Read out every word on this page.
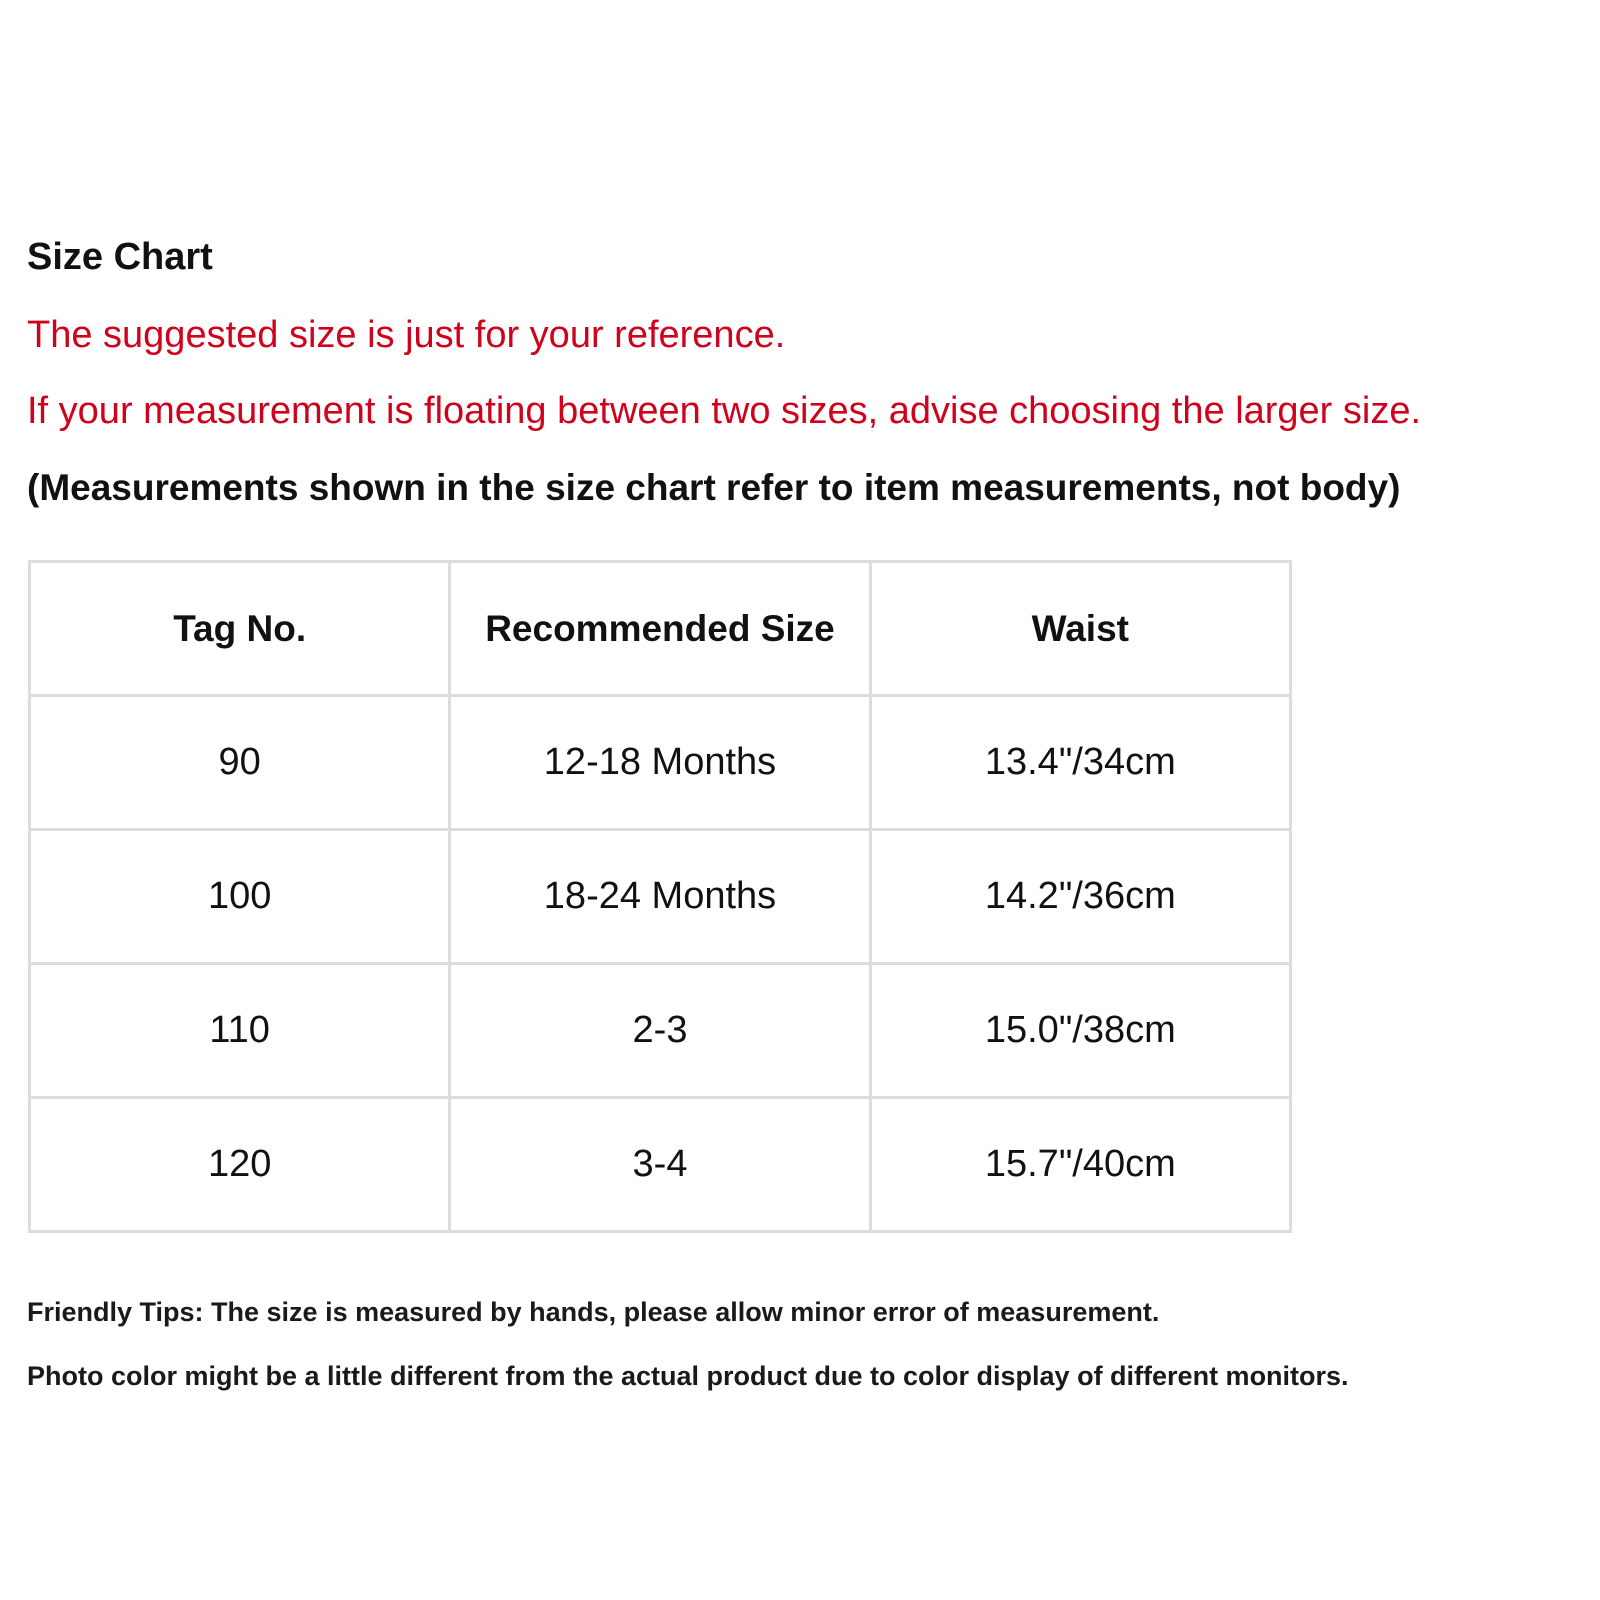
Size Chart
The suggested size is just for your reference.
If your measurement is floating between two sizes, advise choosing the larger size.
(Measurements shown in the size chart refer to item measurements, not body)
Tag No.	Recommended Size	Waist
90	12-18 Months	13.4"/34cm
100	18-24 Months	14.2"/36cm
110	2-3	15.0"/38cm
120	3-4	15.7"/40cm
Friendly Tips: The size is measured by hands, please allow minor error of measurement.
Photo color might be a little different from the actual product due to color display of different monitors.
